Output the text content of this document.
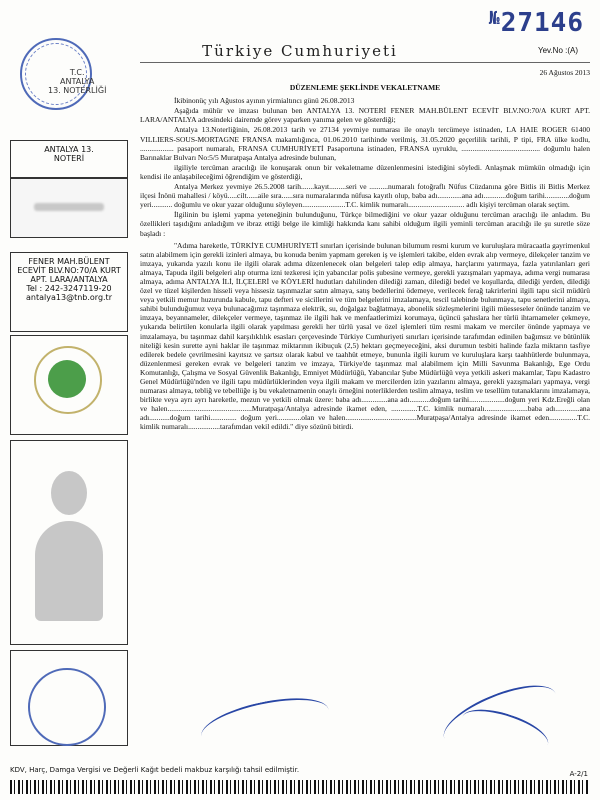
№27146
Türkiye Cumhuriyeti	Yev.No :(A)
T.C.
ANTALYA
13. NOTERLİĞİ
ANTALYA 13.
NOTERİ
FENER MAH.BÜLENT ECEVİT BLV.NO:70/A KURT APT. LARA/ANTALYA
Tel : 242-3247119-20
antalya13@tnb.org.tr
26 Ağustos 2013
DÜZENLEME ŞEKLİNDE VEKALETNAME
İkibinonüç yılı Ağustos ayının yirmialtıncı günü 26.08.2013
Aşağıda mühür ve imzası bulunan ben ANTALYA 13. NOTERİ FENER MAH.BÜLENT ECEVİT BLV.NO:70/A KURT APT. LARA/ANTALYA adresindeki dairemde görev yaparken yanıma gelen ve gösterdiği;
Antalya 13.Noterliğinin, 26.08.2013 tarih ve 27134 yevmiye numarası ile onaylı tercümeye istinaden, LA HAIE ROGER 61400 VILLIERS-SOUS-MORTAGNE FRANSA makamlığınca, 01.06.2010 tarihinde verilmiş, 31.05.2020 geçerlilik tarihli, P tipi, FRA ülke kodlu, .................. pasaport numaralı, FRANSA CUMHURİYETİ Pasaportuna istinaden, FRANSA uyruklu, .......................................... doğumlu halen Barınaklar Bulvarı No:5/5 Muratpaşa Antalya adresinde bulunan,
ilgiliyle tercüman aracılığı ile konuşarak onun bir vekaletname düzenlenmesini istediğini söyledi. Anlaşmak mümkün olmadığı için kendisi ile anlaşabileceğimi öğrendiğim ve gösterdiği,
Antalya Merkez yevmiye 26.5.2008 tarih.......kayıt.........seri ve ..........numaralı fotoğraflı Nüfus Cüzdanına göre Bitlis ili Bitlis Merkez ilçesi İnönü mahallesi / köyü.....cilt......aile sıra......sıra numaralarında nüfusa kayıtlı olup, baba adı.............ana adı............doğum tarihi.............doğum yeri........... doğumlu ve okur yazar olduğunu söyleyen.......................T.C. kimlik numaralı.............................. adlı kişiyi tercüman olarak seçtim.
İlgilinin bu işlemi yapma yeteneğinin bulunduğunu, Türkçe bilmediğini ve okur yazar olduğunu tercüman aracılığı ile anladım. Bu özellikleri taşıdığını anladığım ve ibraz ettiği belge ile kimliği hakkında kanı sahibi olduğum ilgili yeminli tercüman aracılığı ile şu suretle söze başladı :
"Adıma hareketle, TÜRKİYE CUMHURİYETİ sınırları içerisinde bulunan bilumum resmi kurum ve kuruluşlara müracaatla gayrimenkul satın alabilmem için gerekli izinleri almaya, bu konuda benim yapmam gereken iş ve işlemleri takibe, elden evrak alıp vermeye, dilekçeler tanzim ve imzaya, yukarıda yazılı konu ile ilgili olarak adıma düzenlenecek olan belgeleri talep edip almaya, harçlarını yatırmaya, fazla yatırılanları geri almaya, Tapuda ilgili belgeleri alıp oturma izni tezkeresi için yabancılar polis şubesine vermeye, gerekli yazışmaları yapmaya, adıma vergi numarası almaya, adıma ANTALYA İLİ, İLÇELERİ ve KÖYLERİ hudutları dahilinden dilediği zaman, dilediği bedel ve koşullarda, dilediği yerden, dilediği özel ve tüzel kişilerden hisseli veya hissesiz taşınmazlar satın almaya, satış bedellerini ödemeye, verilecek ferağ takrirlerini ilgili tapu sicil müdürü veya yetkili memur huzurunda kabule, tapu defteri ve sicillerini ve tüm belgelerini imzalamaya, tescil talebinde bulunmaya, tapu senetlerini almaya, sahibi bulunduğumuz veya bulunacağımız taşınmaza elektrik, su, doğalgaz bağlatmaya, abonelik sözleşmelerini ilgili müesseseler önünde tanzim ve imzaya, beyannameler, dilekçeler vermeye, taşınmaz ile ilgili hak ve menfaatlerimizi korumaya, üçüncü şahıslara her türlü ihtarnameler çekmeye, yukarıda belirtilen konularla ilgili olarak yapılması gerekli her türlü yasal ve özel işlemleri tüm resmi makam ve merciler önünde yapmaya ve imzalamaya, bu taşınmaz dahil karşılıklılık esasları çerçevesinde Türkiye Cumhuriyeti sınırları içerisinde tarafımdan edinilen bağımsız ve bütünlük niteliği kesin surette ayni haklar ile taşınmaz miktarının ikibuçuk (2,5) hektarı geçmeyeceğini, aksi durumun tesbiti halinde fazla miktarın tasfiye edilerek bedele çevrilmesini kayıtsız ve şartsız olarak kabul ve taahhüt etmeye, bununla ilgili kurum ve kuruluşlara karşı taahhütlerde bulunmaya, düzenlenmesi gereken evrak ve belgeleri tanzim ve imzaya, Türkiye'de taşınmaz mal alabilmem için Milli Savunma Bakanlığı, Ege Ordu Komutanlığı, Çalışma ve Sosyal Güvenlik Bakanlığı, Emniyet Müdürlüğü, Yabancılar Şube Müdürlüğü veya yetkili askeri makamlar, Tapu Kadastro Genel Müdürlüğü'nden ve ilgili tapu müdürlüklerinden veya ilgili makam ve mercilerden izin yazılarını almaya, gerekli yazışmaları yapmaya, vergi numarası almaya, tebliğ ve tebellüğe iş bu vekaletnamenin onaylı örneğini noterliklerden teslim almaya, teslim ve tesellüm tutanaklarını imzalamaya, birlikte veya ayrı ayrı hareketle, mezun ve yetkili olmak üzere: baba adı..............ana adı...........doğum tarihi...................doğum yeri Kdz.Ereğli olan ve halen.............................................Muratpaşa/Antalya adresinde ikamet eden, ..............T.C. kimlik numaralı.......................baba adı.............ana adı...........doğum tarihi.............. doğum yeri.............olan ve halen......................................Muratpaşa/Antalya adresinde ikamet eden...............T.C. kimlik numaralı.................tarafımdan vekil edildi." diye sözünü bitirdi.
KDV, Harç, Damga Vergisi ve Değerli Kağıt bedeli makbuz karşılığı tahsil edilmiştir.	A-2/1
